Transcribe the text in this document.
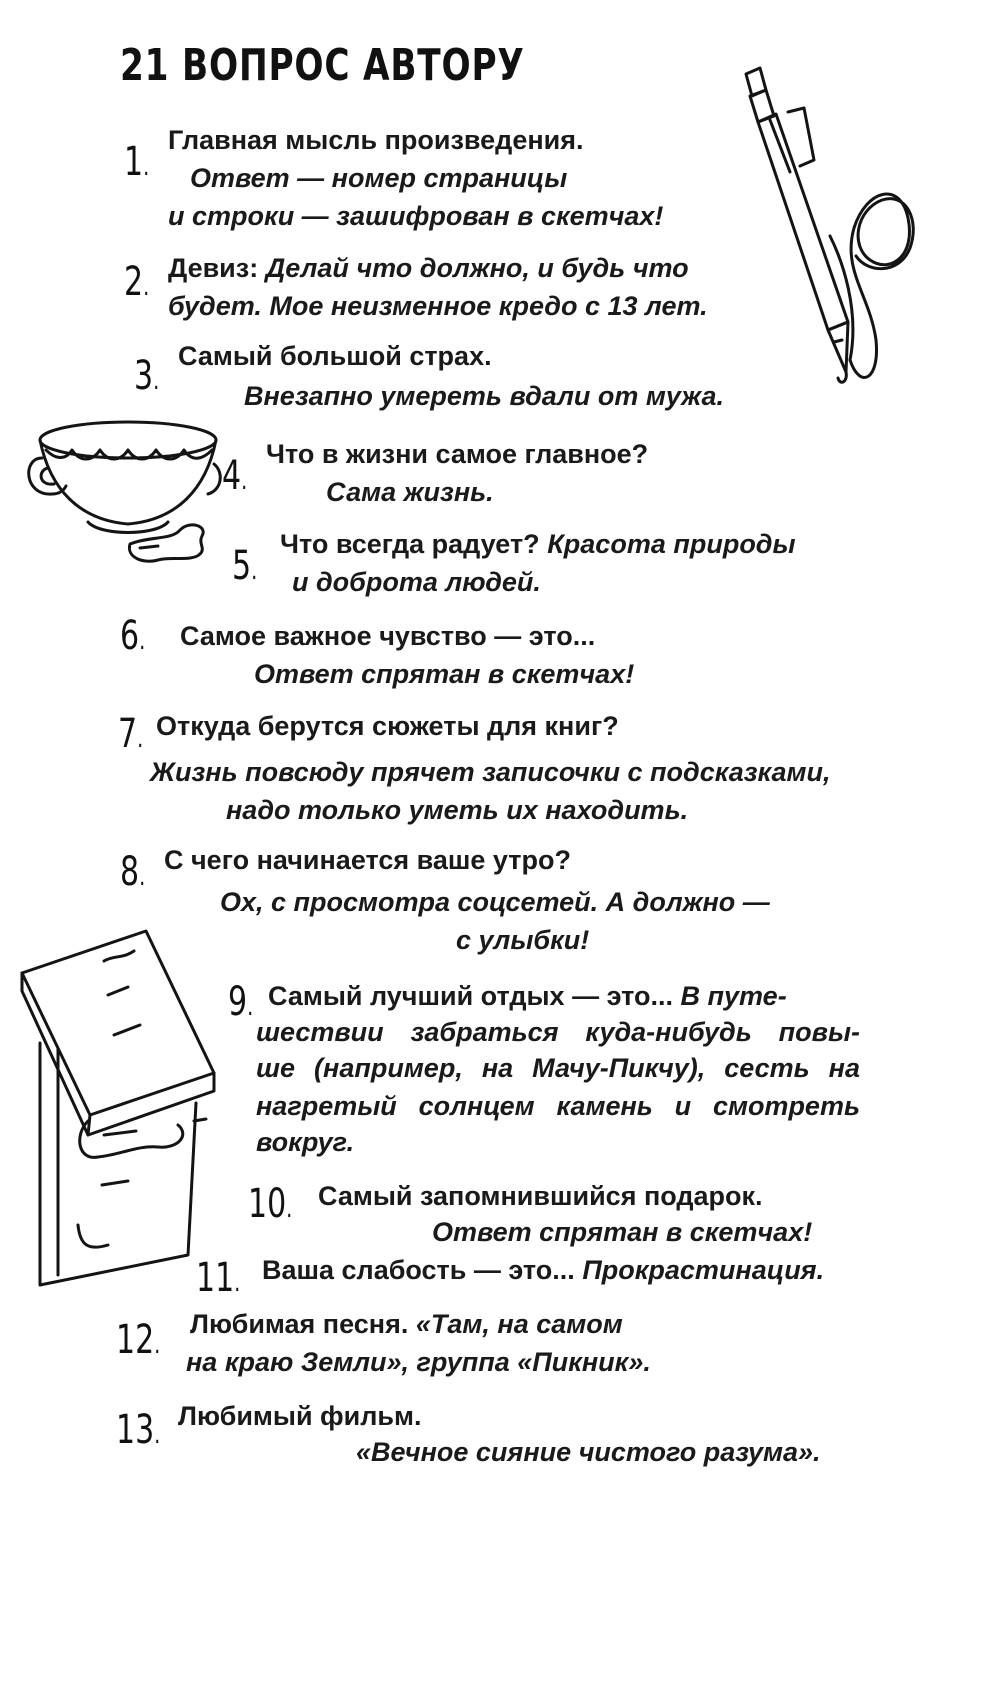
21 ВОПРОС АВТОРУ
1.
Главная мысль произведения.
Ответ — номер страницы
и строки — зашифрован в скетчах!
2.
Девиз: Делай что должно, и будь что
будет. Мое неизменное кредо с 13 лет.
3.
Самый большой страх.
Внезапно умереть вдали от мужа.
4.
Что в жизни самое главное?
Сама жизнь.
5.
Что всегда радует? Красота природы
и доброта людей.
6. Самое важное чувство — это...
Ответ спрятан в скетчах!
7. Откуда берутся сюжеты для книг?
Жизнь повсюду прячет записочки с подсказками,
надо только уметь их находить.
8.
С чего начинается ваше утро?
Ох, с просмотра соцсетей. А должно —
с улыбки!
9. Самый лучший отдых — это... В путе-
шествии забраться куда-нибудь повы-
ше (например, на Мачу-Пикчу), сесть на
нагретый солнцем камень и смотреть
вокруг.
10. Самый запомнившийся подарок.
Ответ спрятан в скетчах!
11. Ваша слабость — это... Прокрастинация.
12.
Любимая песня. «Там, на самом
на краю Земли», группа «Пикник».
13.
Любимый фильм.
«Вечное сияние чистого разума».
